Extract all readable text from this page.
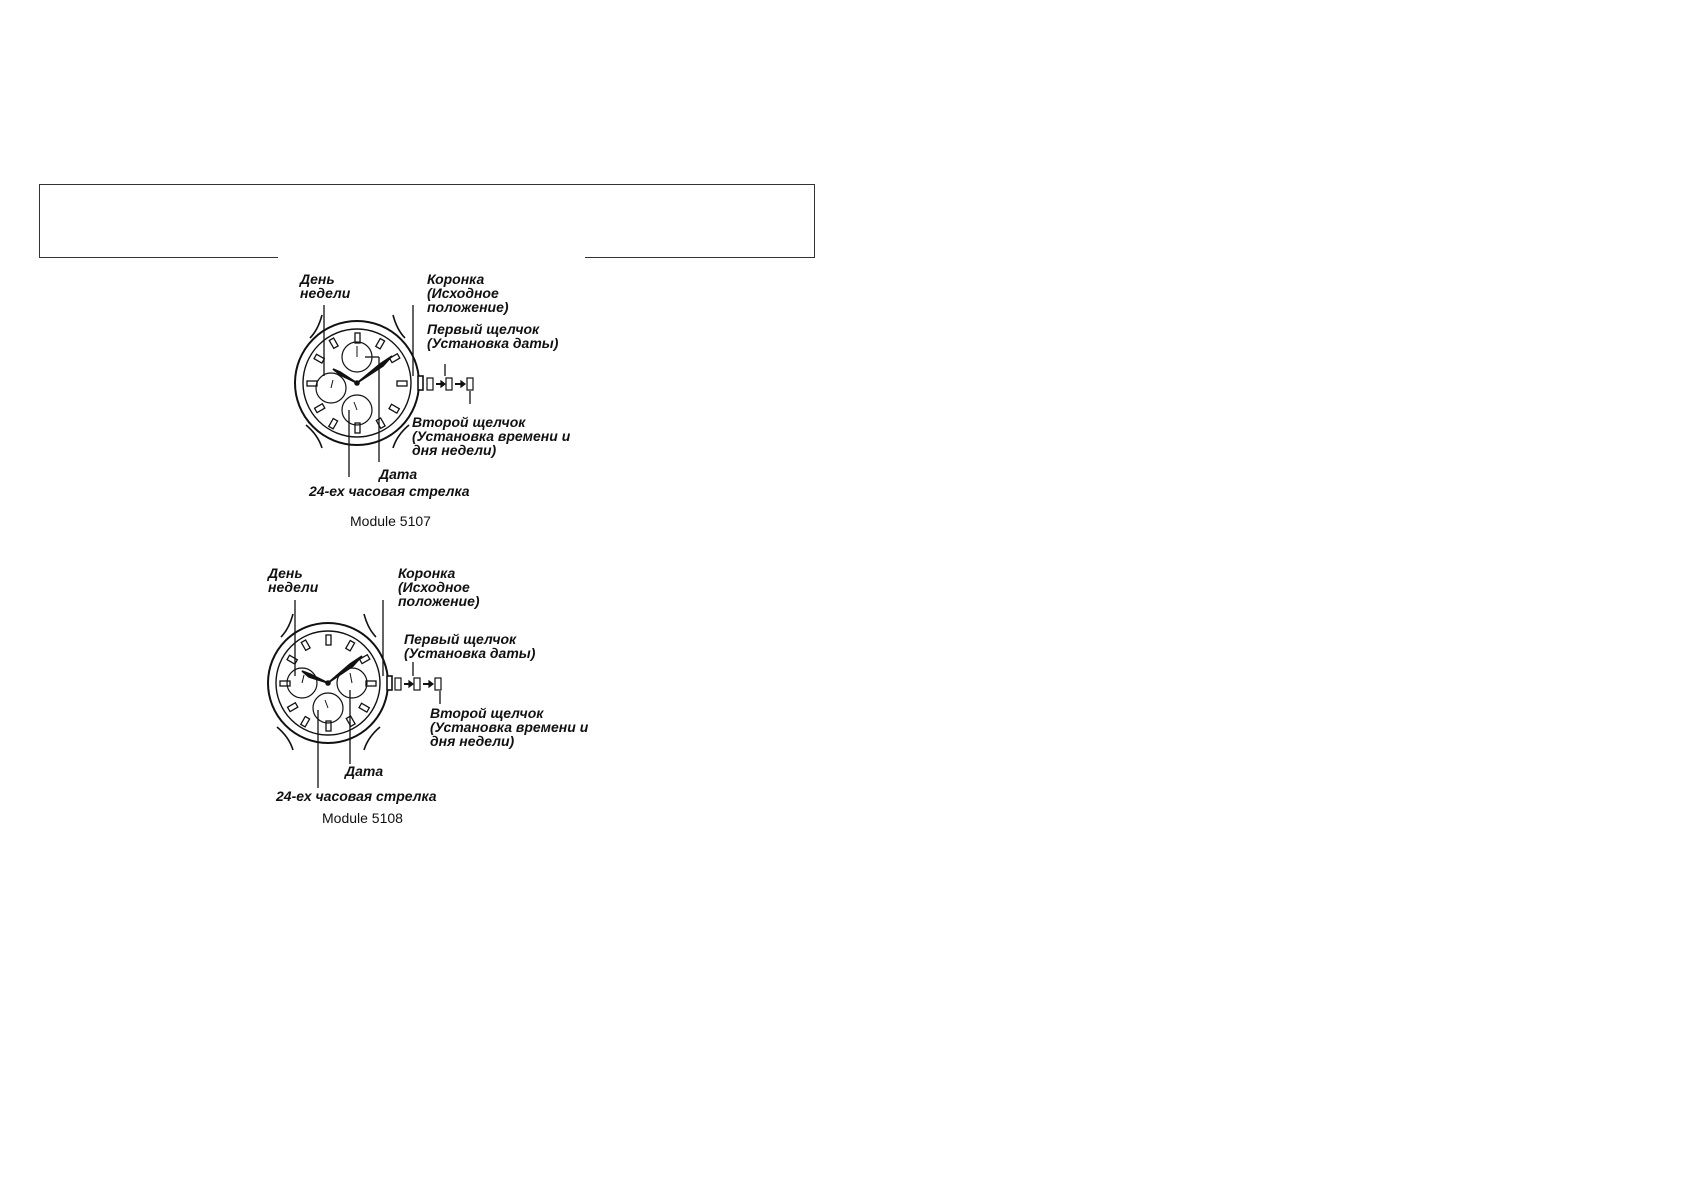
День
недели
Коронка
(Исходное
положение)
Первый щелчок
(Установка даты)
Второй щелчок
(Установка времени и
дня недели)
Дата
24-ех часовая стрелка
Module 5107
День
недели
Коронка
(Исходное
положение)
Первый щелчок
(Установка даты)
Второй щелчок
(Установка времени и
дня недели)
Дата
24-ех часовая стрелка
Module 5108
